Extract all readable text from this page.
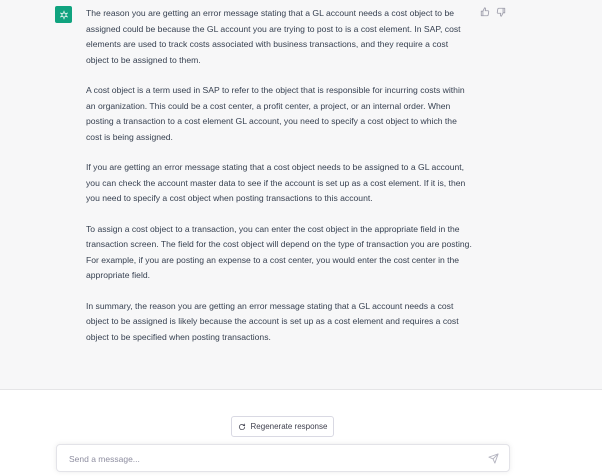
The reason you are getting an error message stating that a GL account needs a cost object to be assigned could be because the GL account you are trying to post to is a cost element. In SAP, cost elements are used to track costs associated with business transactions, and they require a cost object to be assigned to them.

A cost object is a term used in SAP to refer to the object that is responsible for incurring costs within an organization. This could be a cost center, a profit center, a project, or an internal order. When posting a transaction to a cost element GL account, you need to specify a cost object to which the cost is being assigned.

If you are getting an error message stating that a cost object needs to be assigned to a GL account, you can check the account master data to see if the account is set up as a cost element. If it is, then you need to specify a cost object when posting transactions to this account.

To assign a cost object to a transaction, you can enter the cost object in the appropriate field in the transaction screen. The field for the cost object will depend on the type of transaction you are posting. For example, if you are posting an expense to a cost center, you would enter the cost center in the appropriate field.

In summary, the reason you are getting an error message stating that a GL account needs a cost object to be assigned is likely because the account is set up as a cost element and requires a cost object to be specified when posting transactions.

Regenerate response
Send a message...
